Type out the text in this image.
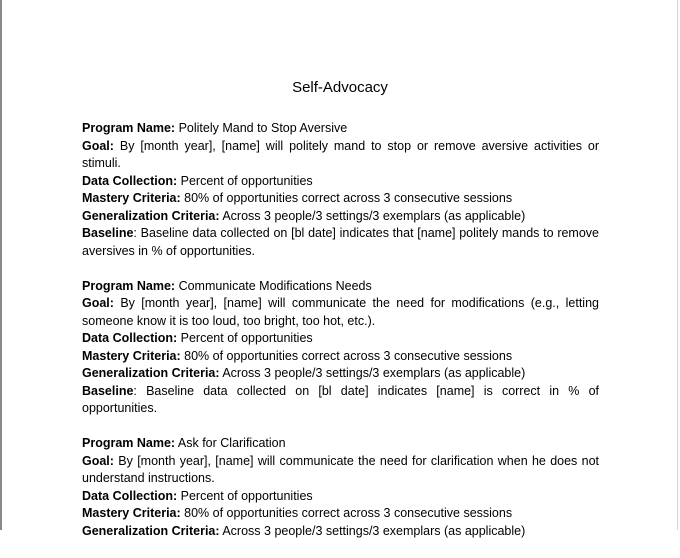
Self-Advocacy

Program Name: Politely Mand to Stop Aversive

Goal: By [month year], [name] will politely mand to stop or remove aversive activities or stimuli.

Data Collection: Percent of opportunities

Mastery Criteria: 80% of opportunities correct across 3 consecutive sessions

Generalization Criteria: Across 3 people/3 settings/3 exemplars (as applicable)

Baseline: Baseline data collected on [bl date] indicates that [name] politely mands to remove aversives in % of opportunities.

Program Name: Communicate Modifications Needs

Goal: By [month year], [name] will communicate the need for modifications (e.g., letting someone know it is too loud, too bright, too hot, etc.).

Data Collection: Percent of opportunities

Mastery Criteria: 80% of opportunities correct across 3 consecutive sessions

Generalization Criteria: Across 3 people/3 settings/3 exemplars (as applicable)

Baseline: Baseline data collected on [bl date] indicates [name] is correct in % of opportunities.

Program Name: Ask for Clarification

Goal: By [month year], [name] will communicate the need for clarification when he does not understand instructions.

Data Collection: Percent of opportunities

Mastery Criteria: 80% of opportunities correct across 3 consecutive sessions

Generalization Criteria: Across 3 people/3 settings/3 exemplars (as applicable)
